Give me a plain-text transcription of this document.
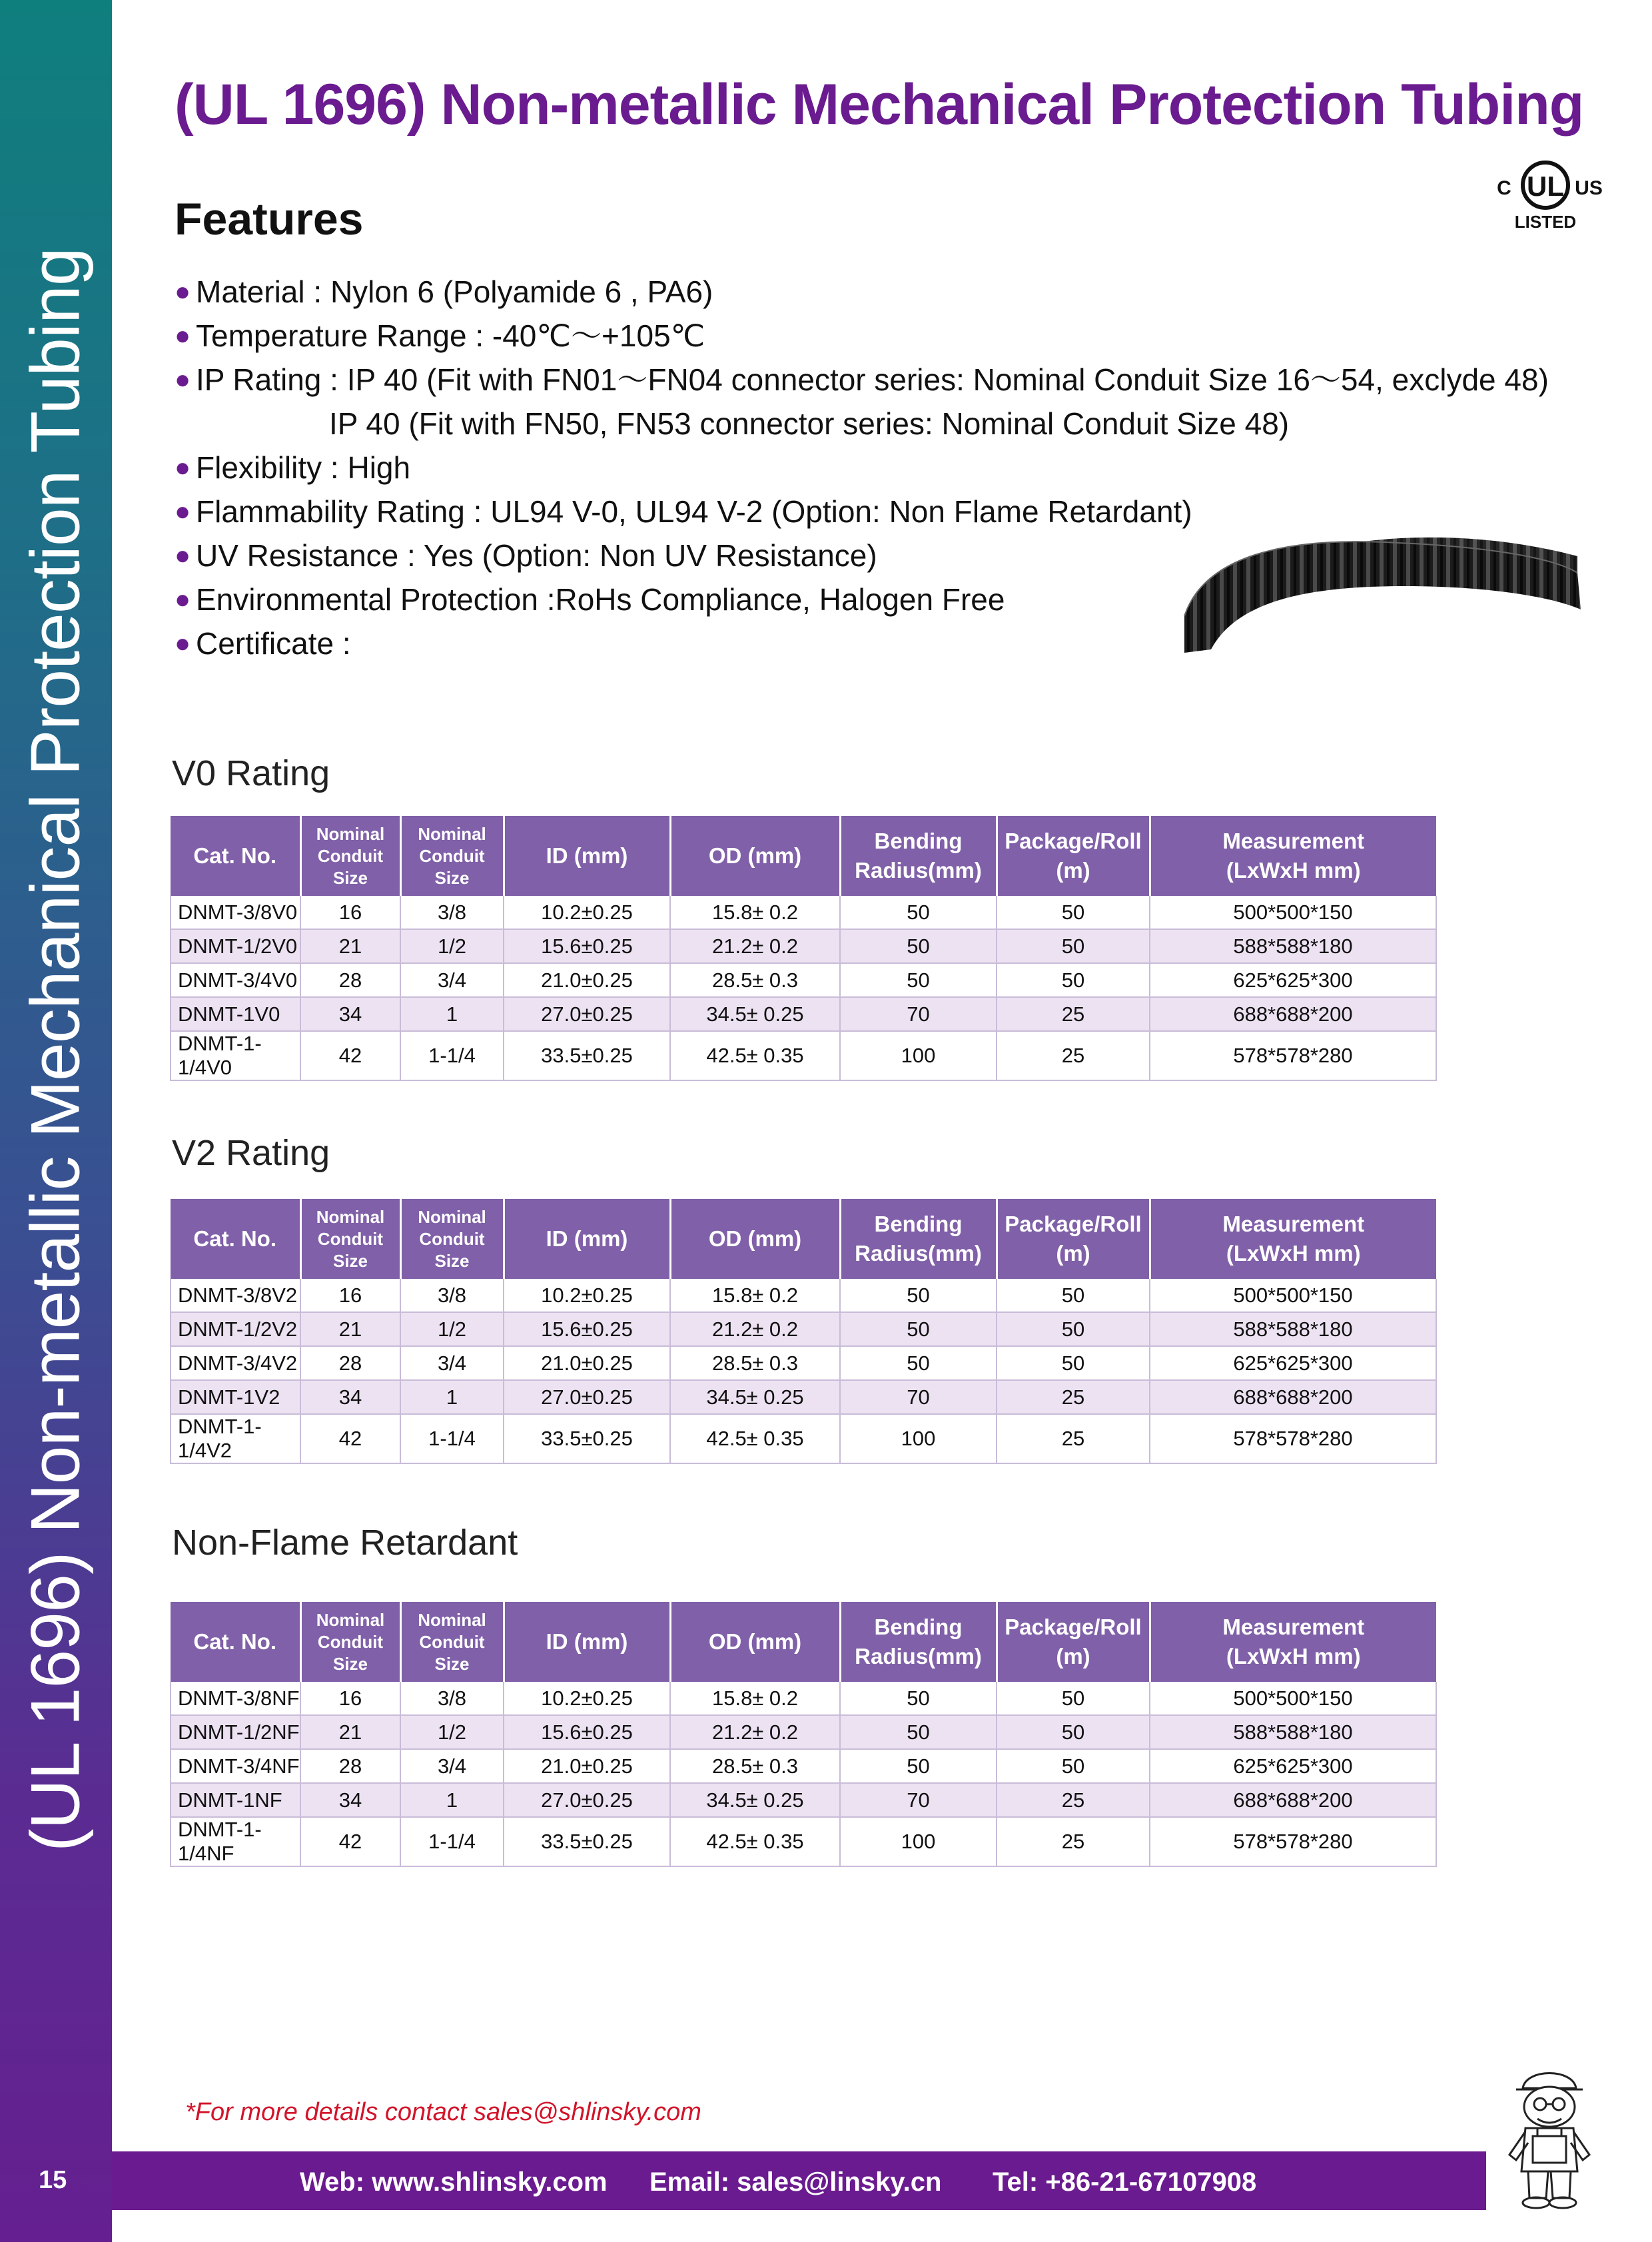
(UL 1696) Non-metallic Mechanical Protection Tubing
(UL 1696) Non-metallic Mechanical Protection Tubing
UL
C	US
LISTED
Features
● Material : Nylon 6 (Polyamide 6 , PA6)
● Temperature Range : -40℃～+105℃
● IP Rating : IP 40 (Fit with FN01～FN04 connector series: Nominal Conduit Size 16～54, exclyde 48)
IP 40 (Fit with FN50, FN53 connector series: Nominal Conduit Size 48)
● Flexibility : High
● Flammability Rating : UL94 V-0, UL94 V-2 (Option: Non Flame Retardant)
● UV Resistance : Yes (Option: Non UV Resistance)
● Environmental Protection :RoHs Compliance, Halogen Free
● Certificate :
V0 Rating
Cat. No.	Nominal
Conduit
Size	Nominal
Conduit
Size	ID (mm)	OD (mm)	Bending
Radius(mm)	Package/Roll
(m)	Measurement
(LxWxH mm)
DNMT-3/8V0	16	3/8	10.2±0.25	15.8± 0.2	50	50	500*500*150
DNMT-1/2V0	21	1/2	15.6±0.25	21.2± 0.2	50	50	588*588*180
DNMT-3/4V0	28	3/4	21.0±0.25	28.5± 0.3	50	50	625*625*300
DNMT-1V0	34	1	27.0±0.25	34.5± 0.25	70	25	688*688*200
DNMT-1-1/4V0	42	1-1/4	33.5±0.25	42.5± 0.35	100	25	578*578*280
V2 Rating
Cat. No.	Nominal
Conduit
Size	Nominal
Conduit
Size	ID (mm)	OD (mm)	Bending
Radius(mm)	Package/Roll
(m)	Measurement
(LxWxH mm)
DNMT-3/8V2	16	3/8	10.2±0.25	15.8± 0.2	50	50	500*500*150
DNMT-1/2V2	21	1/2	15.6±0.25	21.2± 0.2	50	50	588*588*180
DNMT-3/4V2	28	3/4	21.0±0.25	28.5± 0.3	50	50	625*625*300
DNMT-1V2	34	1	27.0±0.25	34.5± 0.25	70	25	688*688*200
DNMT-1-1/4V2	42	1-1/4	33.5±0.25	42.5± 0.35	100	25	578*578*280
Non-Flame Retardant
Cat. No.	Nominal
Conduit
Size	Nominal
Conduit
Size	ID (mm)	OD (mm)	Bending
Radius(mm)	Package/Roll
(m)	Measurement
(LxWxH mm)
DNMT-3/8NF	16	3/8	10.2±0.25	15.8± 0.2	50	50	500*500*150
DNMT-1/2NF	21	1/2	15.6±0.25	21.2± 0.2	50	50	588*588*180
DNMT-3/4NF	28	3/4	21.0±0.25	28.5± 0.3	50	50	625*625*300
DNMT-1NF	34	1	27.0±0.25	34.5± 0.25	70	25	688*688*200
DNMT-1-1/4NF	42	1-1/4	33.5±0.25	42.5± 0.35	100	25	578*578*280
*For more details contact sales@shlinsky.com
15	Web: www.shlinsky.com Email: sales@linsky.cn Tel: +86-21-67107908
